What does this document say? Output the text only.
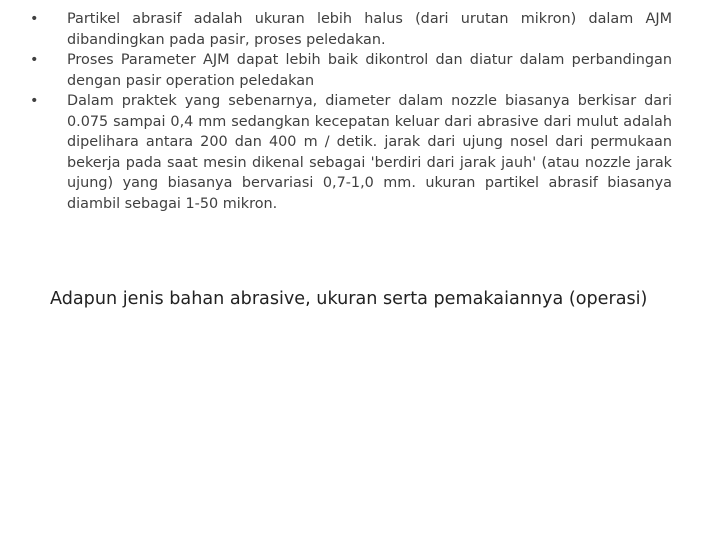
• Partikel abrasif adalah ukuran lebih halus (dari urutan mikron) dalam AJM dibandingkan pada pasir, proses peledakan.
• Proses Parameter AJM dapat lebih baik dikontrol dan diatur dalam perbandingan dengan pasir operation peledakan
• Dalam praktek yang sebenarnya, diameter dalam nozzle biasanya berkisar dari 0.075 sampai 0,4 mm sedangkan kecepatan keluar dari abrasive dari mulut adalah dipelihara antara 200 dan 400 m / detik. jarak dari ujung nosel dari permukaan bekerja pada saat mesin dikenal sebagai 'berdiri dari jarak jauh' (atau nozzle jarak ujung) yang biasanya bervariasi 0,7-1,0 mm. ukuran partikel abrasif biasanya diambil sebagai 1-50 mikron.
Adapun jenis bahan abrasive, ukuran serta pemakaiannya (operasi)
